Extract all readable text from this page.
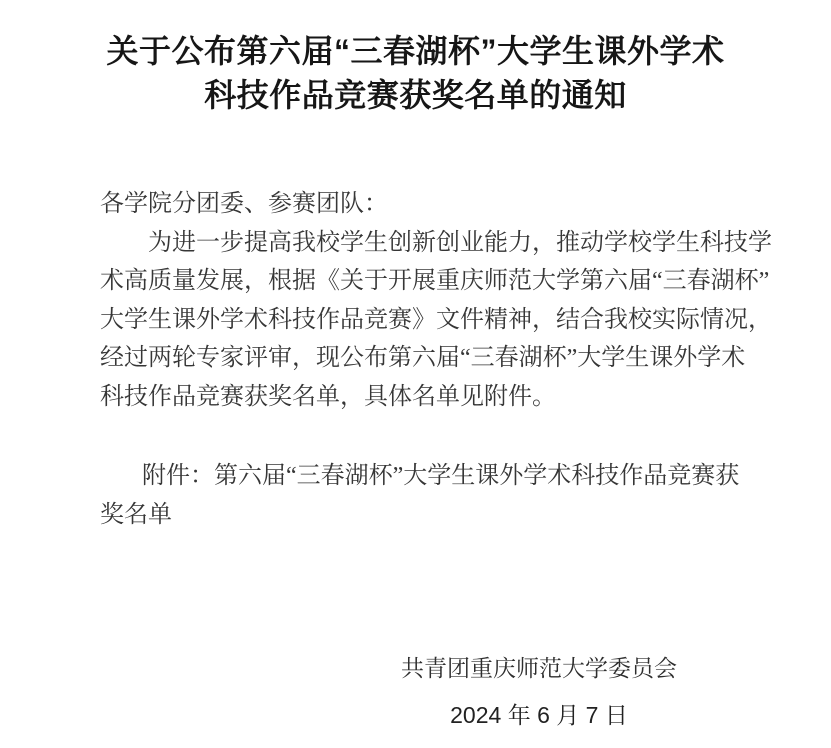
关于公布第六届“三春湖杯”大学生课外学术
科技作品竞赛获奖名单的通知
各学院分团委、参赛团队：
为进一步提高我校学生创新创业能力，推动学校学生科技学
术高质量发展，根据《关于开展重庆师范大学第六届“三春湖杯”
大学生课外学术科技作品竞赛》文件精神，结合我校实际情况，
经过两轮专家评审，现公布第六届“三春湖杯”大学生课外学术
科技作品竞赛获奖名单，具体名单见附件。
附件：第六届“三春湖杯”大学生课外学术科技作品竞赛获
奖名单
共青团重庆师范大学委员会
2024 年 6 月 7 日
